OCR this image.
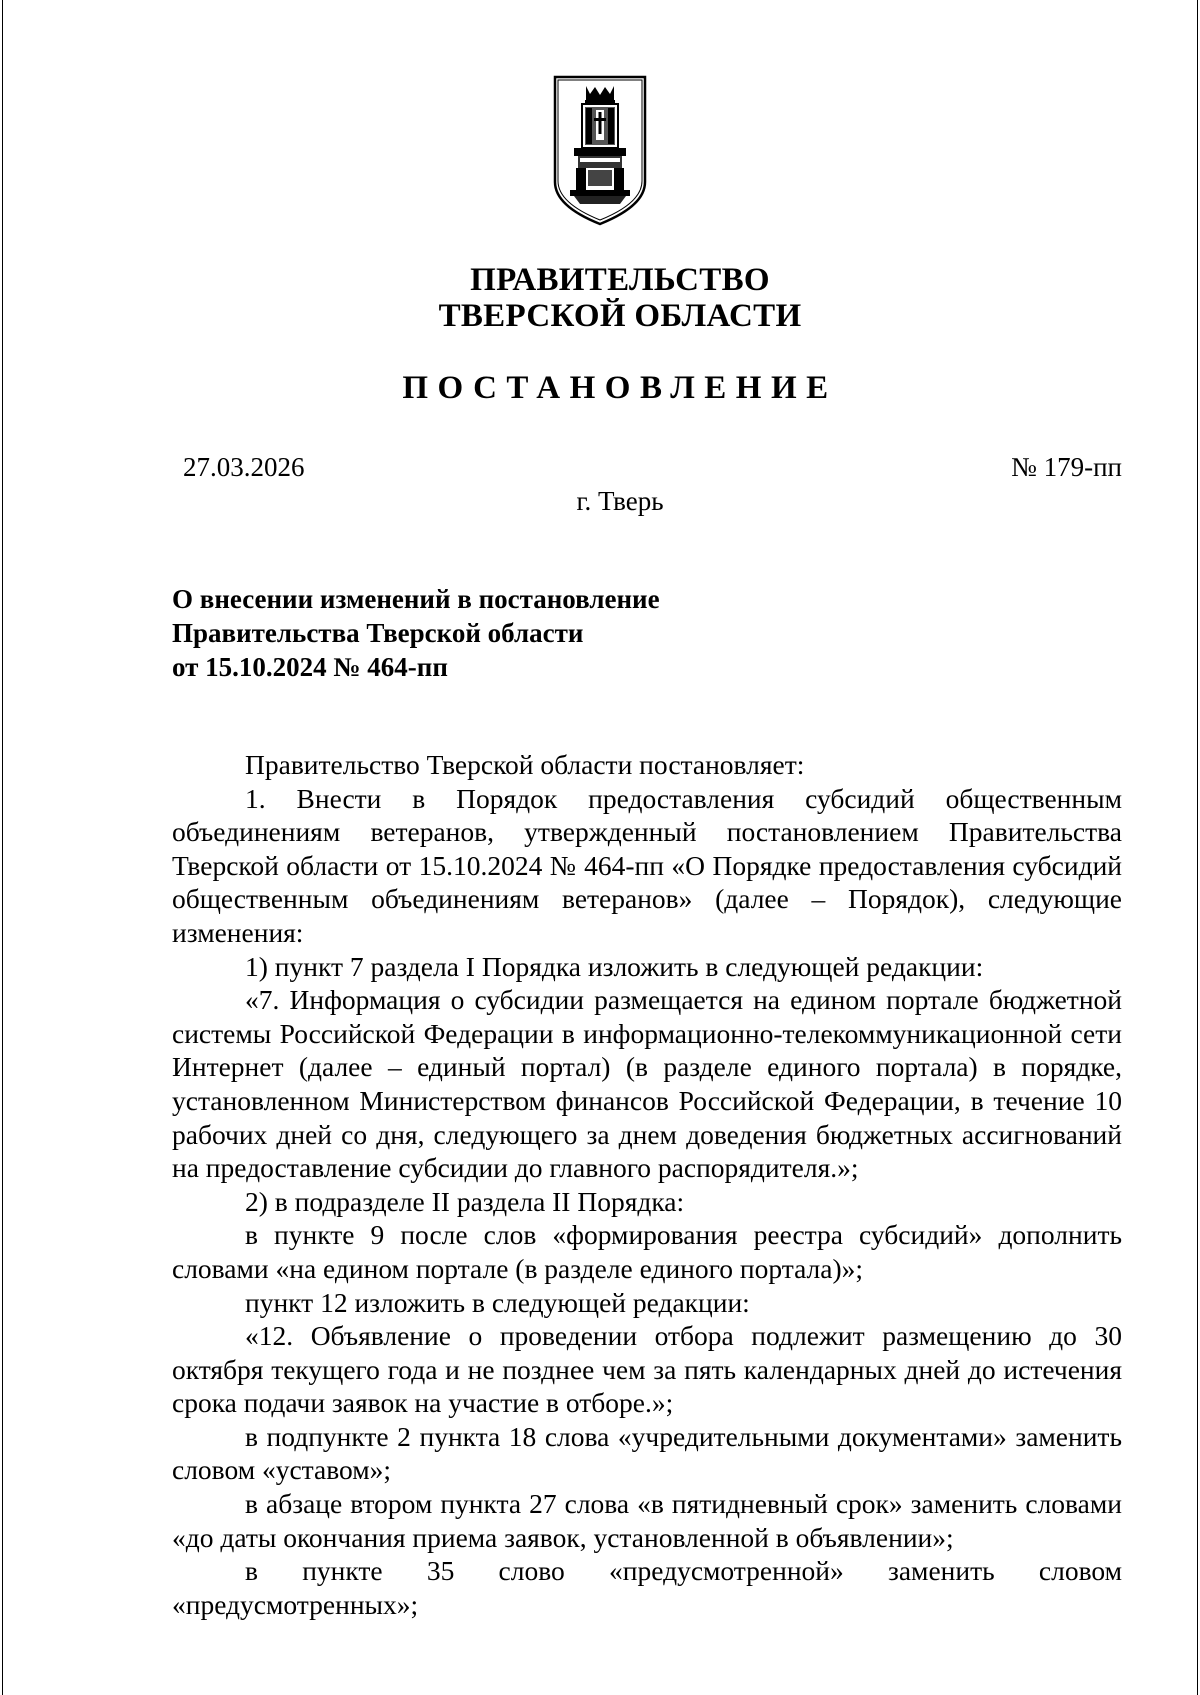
ПРАВИТЕЛЬСТВО
ТВЕРСКОЙ ОБЛАСТИ
ПОСТАНОВЛЕНИЕ
27.03.2026	№ 179-пп
г. Тверь
О внесении изменений в постановление
Правительства Тверской области
от 15.10.2024 № 464-пп

Правительство Тверской области постановляет:

1. Внести в Порядок предоставления субсидий общественным объединениям ветеранов, утвержденный постановлением Правительства Тверской области от 15.10.2024 № 464-пп «О Порядке предоставления субсидий общественным объединениям ветеранов» (далее – Порядок), следующие изменения:

1) пункт 7 раздела I Порядка изложить в следующей редакции:

«7. Информация о субсидии размещается на едином портале бюджетной системы Российской Федерации в информационно-телекоммуникационной сети Интернет (далее – единый портал) (в разделе единого портала) в порядке, установленном Министерством финансов Российской Федерации, в течение 10 рабочих дней со дня, следующего за днем доведения бюджетных ассигнований на предоставление субсидии до главного распорядителя.»;

2) в подразделе II раздела II Порядка:

в пункте 9 после слов «формирования реестра субсидий» дополнить словами «на едином портале (в разделе единого портала)»;

пункт 12 изложить в следующей редакции:

«12. Объявление о проведении отбора подлежит размещению до 30 октября текущего года и не позднее чем за пять календарных дней до истечения срока подачи заявок на участие в отборе.»;

в подпункте 2 пункта 18 слова «учредительными документами» заменить словом «уставом»;

в абзаце втором пункта 27 слова «в пятидневный срок» заменить словами «до даты окончания приема заявок, установленной в объявлении»;

в пункте 35 слово «предусмотренной» заменить словом «предусмотренных»;
